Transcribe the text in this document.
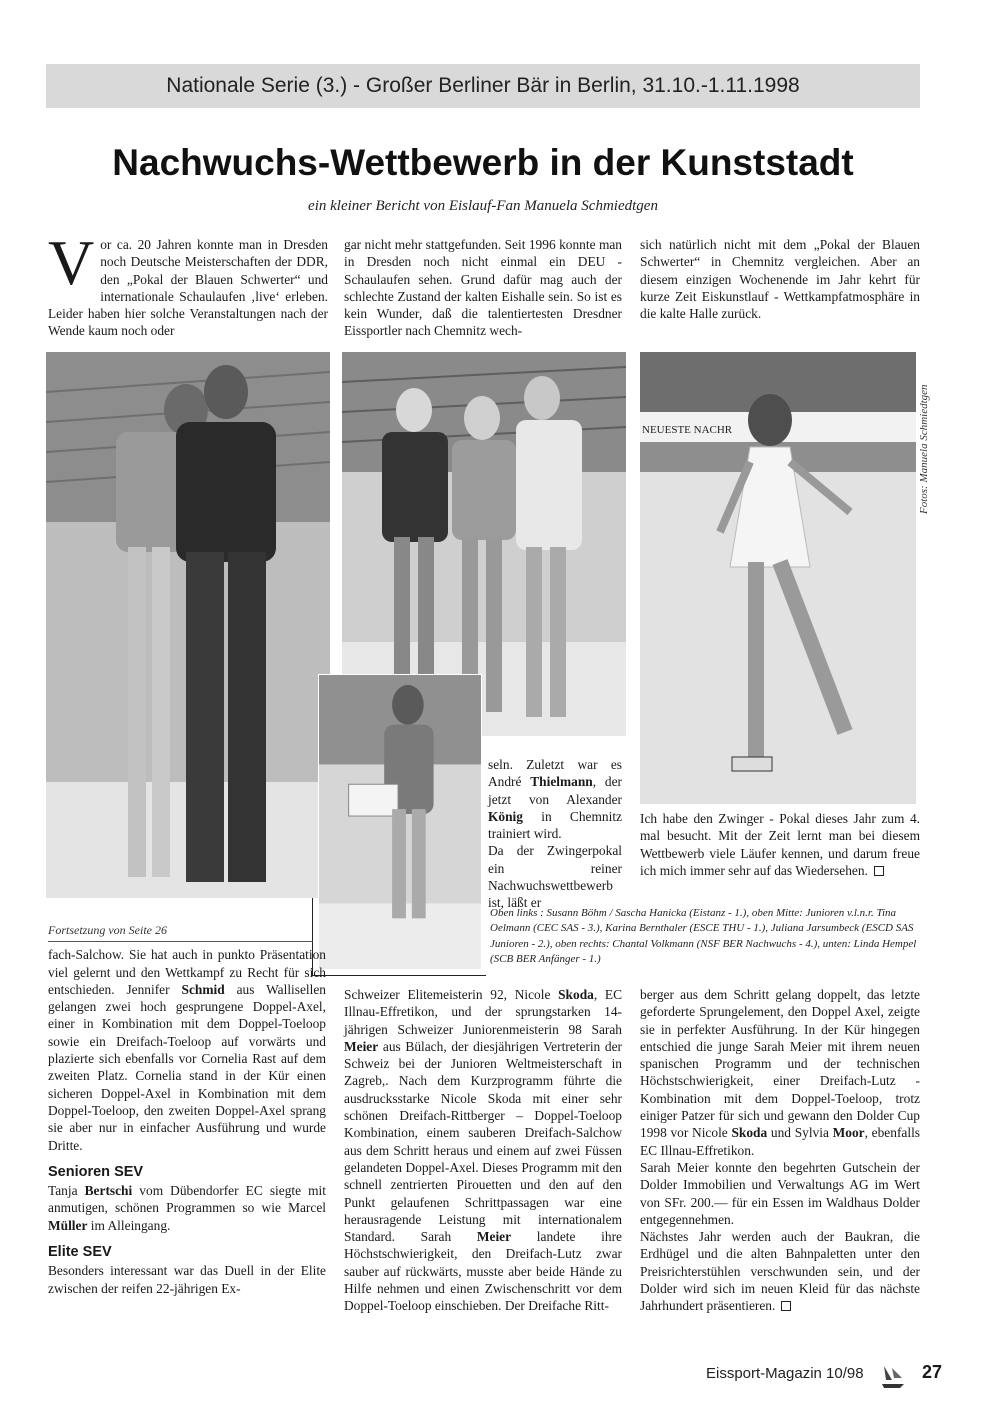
Nationale Serie (3.) - Großer Berliner Bär in Berlin, 31.10.-1.11.1998
Nachwuchs-Wettbewerb in der Kunststadt
ein kleiner Bericht von Eislauf-Fan Manuela Schmiedtgen
V or ca. 20 Jahren konnte man in Dresden noch Deutsche Meisterschaften der DDR, den „Pokal der Blauen Schwerter“ und internationale Schaulaufen ‚live‘ erleben. Leider haben hier solche Veranstaltungen nach der Wende kaum noch oder
gar nicht mehr stattgefunden. Seit 1996 konnte man in Dresden noch nicht einmal ein DEU - Schaulaufen sehen. Grund dafür mag auch der schlechte Zustand der kalten Eishalle sein. So ist es kein Wunder, daß die talentiertesten Dresdner Eissportler nach Chemnitz wech-
sich natürlich nicht mit dem „Pokal der Blauen Schwerter“ in Chemnitz vergleichen. Aber an diesem einzigen Wochenende im Jahr kehrt für kurze Zeit Eiskunstlauf - Wettkampfatmosphäre in die kalte Halle zurück.
NEUESTE NACHR

seln. Zuletzt war es André Thielmann, der jetzt von Alexander König in Chemnitz trainiert wird.

Da der Zwingerpokal ein reiner Nachwuchswettbewerb ist, läßt er

Ich habe den Zwinger - Pokal dieses Jahr zum 4. mal besucht. Mit der Zeit lernt man bei diesem Wettbewerb viele Läufer kennen, und darum freue ich mich immer sehr auf das Wiedersehen.
Fotos: Manuela Schmiedtgen
Oben links : Susann Böhm / Sascha Hanicka (Eistanz - 1.), oben Mitte: Junioren v.l.n.r. Tina Oelmann (CEC SAS - 3.), Karina Bernthaler (ESCE THU - 1.), Juliana Jarsumbeck (ESCD SAS Junioren - 2.), oben rechts: Chantal Volkmann (NSF BER Nachwuchs - 4.), unten: Linda Hempel (SCB BER Anfänger - 1.)
Fortsetzung von Seite 26

fach-Salchow. Sie hat auch in punkto Präsentation viel gelernt und den Wettkampf zu Recht für sich entschieden. Jennifer Schmid aus Wallisellen gelangen zwei hoch gesprungene Doppel-Axel, einer in Kombination mit dem Doppel-Toeloop sowie ein Dreifach-Toeloop auf vorwärts und plazierte sich ebenfalls vor Cornelia Rast auf dem zweiten Platz. Cornelia stand in der Kür einen sicheren Doppel-Axel in Kombination mit dem Doppel-Toeloop, den zweiten Doppel-Axel sprang sie aber nur in einfacher Ausführung und wurde Dritte.

Senioren SEV

Tanja Bertschi vom Dübendorfer EC siegte mit anmutigen, schönen Programmen so wie Marcel Müller im Alleingang.

Elite SEV

Besonders interessant war das Duell in der Elite zwischen der reifen 22-jährigen Ex-

Schweizer Elitemeisterin 92, Nicole Skoda, EC Illnau-Effretikon, und der sprungstarken 14-jährigen Schweizer Juniorenmeisterin 98 Sarah Meier aus Bülach, der diesjährigen Vertreterin der Schweiz bei der Junioren Weltmeisterschaft in Zagreb,. Nach dem Kurzprogramm führte die ausdrucksstarke Nicole Skoda mit einer sehr schönen Dreifach-Rittberger – Doppel-Toeloop Kombination, einem sauberen Dreifach-Salchow aus dem Schritt heraus und einem auf zwei Füssen gelandeten Doppel-Axel. Dieses Programm mit den schnell zentrierten Pirouetten und den auf den Punkt gelaufenen Schrittpassagen war eine herausragende Leistung mit internationalem Standard. Sarah Meier landete ihre Höchstschwierigkeit, den Dreifach-Lutz zwar sauber auf rückwärts, musste aber beide Hände zu Hilfe nehmen und einen Zwischenschritt vor dem Doppel-Toeloop einschieben. Der Dreifache Ritt-

berger aus dem Schritt gelang doppelt, das letzte geforderte Sprungelement, den Doppel Axel, zeigte sie in perfekter Ausführung. In der Kür hingegen entschied die junge Sarah Meier mit ihrem neuen spanischen Programm und der technischen Höchstschwierigkeit, einer Dreifach-Lutz - Kombination mit dem Doppel-Toeloop, trotz einiger Patzer für sich und gewann den Dolder Cup 1998 vor Nicole Skoda und Sylvia Moor, ebenfalls EC Illnau-Effretikon.

Sarah Meier konnte den begehrten Gutschein der Dolder Immobilien und Verwaltungs AG im Wert von SFr. 200.— für ein Essen im Waldhaus Dolder entgegennehmen.

Nächstes Jahr werden auch der Baukran, die Erdhügel und die alten Bahnpaletten unter den Preisrichterstühlen verschwunden sein, und der Dolder wird sich im neuen Kleid für das nächste Jahrhundert präsentieren.

Eissport-Magazin 10/98	27
